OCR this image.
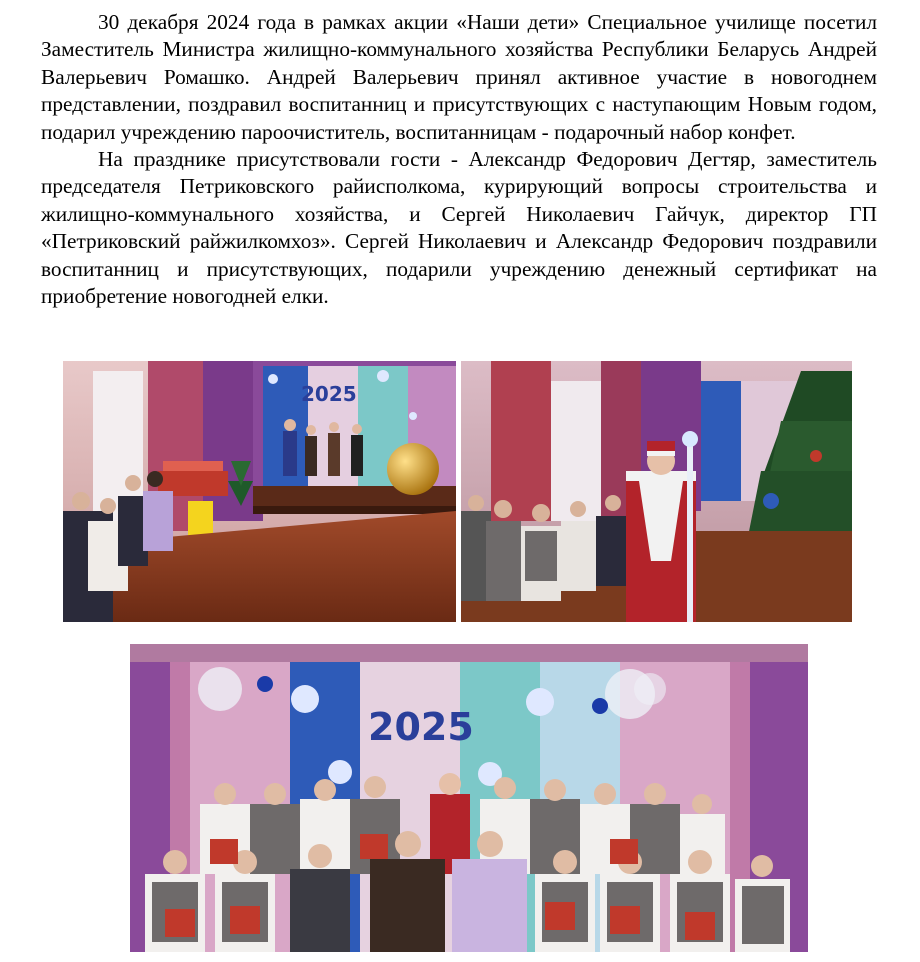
30 декабря 2024 года в рамках акции «Наши дети» Специальное училище посетил Заместитель Министра жилищно-коммунального хозяйства Республики Беларусь Андрей Валерьевич Ромашко. Андрей Валерьевич принял активное участие в новогоднем представлении, поздравил воспитанниц и присутствующих с наступающим Новым годом, подарил учреждению пароочиститель, воспитанницам - подарочный набор конфет.

На празднике присутствовали гости - Александр Федорович Дегтяр, заместитель председателя Петриковского райисполкома, курирующий вопросы строительства и жилищно-коммунального хозяйства, и Сергей Николаевич Гайчук, директор ГП «Петриковский райжилкомхоз». Сергей Николаевич и Александр Федорович поздравили воспитанниц и присутствующих, подарили учреждению денежный сертификат на приобретение новогодней елки.

2025
2025
